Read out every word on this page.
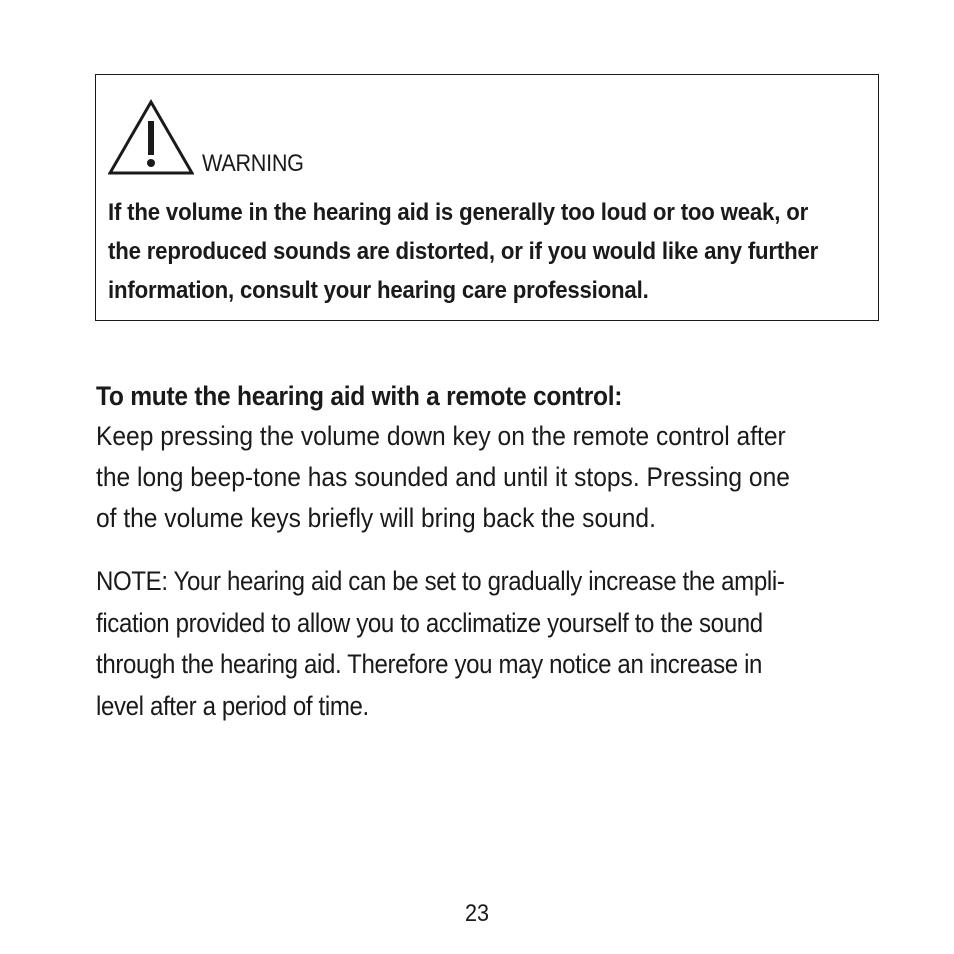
WARNING
If the volume in the hearing aid is generally too loud or too weak, or
the reproduced sounds are distorted, or if you would like any further
information, consult your hearing care professional.
To mute the hearing aid with a remote control:
Keep pressing the volume down key on the remote control after
the long beep-tone has sounded and until it stops. Pressing one
of the volume keys briefly will bring back the sound.
NOTE: Your hearing aid can be set to gradually increase the ampli-
fication provided to allow you to acclimatize yourself to the sound
through the hearing aid. Therefore you may notice an increase in
level after a period of time.
23
